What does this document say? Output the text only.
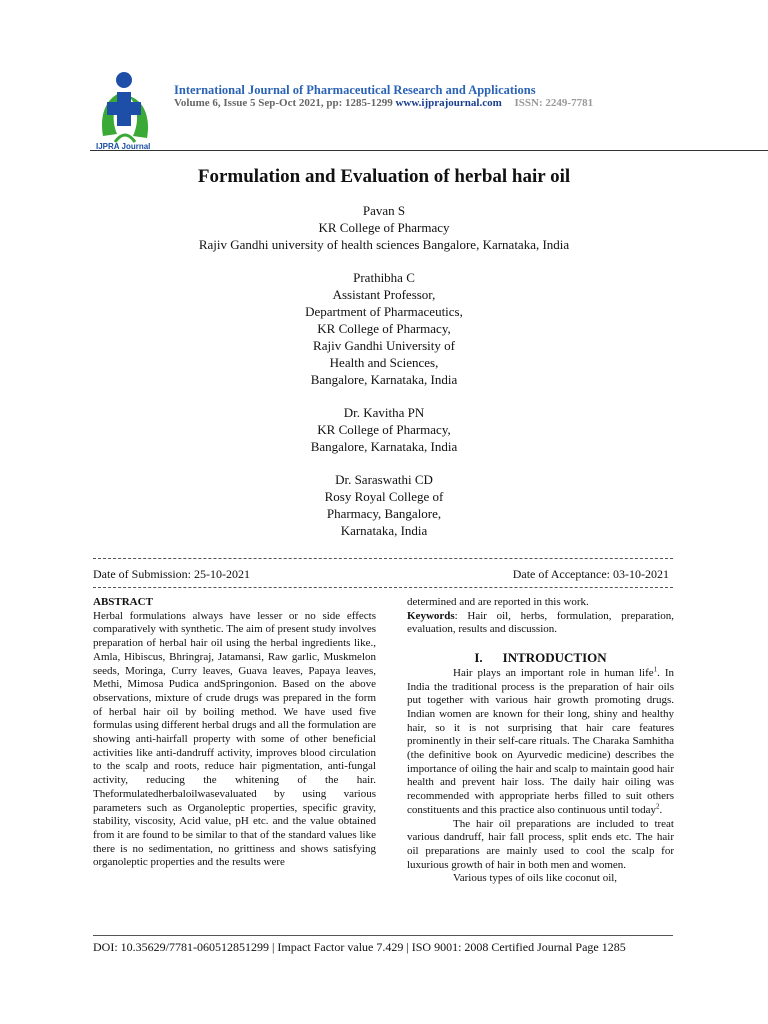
IJPRA Journal
International Journal of Pharmaceutical Research and Applications
Volume 6, Issue 5 Sep-Oct 2021, pp: 1285-1299 www.ijprajournal.com ISSN: 2249-7781
Formulation and Evaluation of herbal hair oil
Pavan S
KR College of Pharmacy
Rajiv Gandhi university of health sciences Bangalore, Karnataka, India
Prathibha C
Assistant Professor,
Department of Pharmaceutics,
KR College of Pharmacy,
Rajiv Gandhi University of
Health and Sciences,
Bangalore, Karnataka, India
Dr. Kavitha PN
KR College of Pharmacy,
Bangalore, Karnataka, India
Dr. Saraswathi CD
Rosy Royal College of
Pharmacy, Bangalore,
Karnataka, India
Date of Submission: 25-10-2021	Date of Acceptance: 03-10-2021

ABSTRACT

Herbal formulations always have lesser or no side effects comparatively with synthetic. The aim of present study involves preparation of herbal hair oil using the herbal ingredients like., Amla, Hibiscus, Bhringraj, Jatamansi, Raw garlic, Muskmelon seeds, Moringa, Curry leaves, Guava leaves, Papaya leaves, Methi, Mimosa Pudica andSpringonion. Based on the above observations, mixture of crude drugs was prepared in the form of herbal hair oil by boiling method. We have used five formulas using different herbal drugs and all the formulation are showing anti-hairfall property with some of other beneficial activities like anti-dandruff activity, improves blood circulation to the scalp and roots, reduce hair pigmentation, anti-fungal activity, reducing the whitening of the hair. Theformulatedherbaloilwasevaluated by using various parameters such as Organoleptic properties, specific gravity, stability, viscosity, Acid value, pH etc. and the value obtained from it are found to be similar to that of the standard values like there is no sedimentation, no grittiness and shows satisfying organoleptic properties and the results were

determined and are reported in this work.

Keywords: Hair oil, herbs, formulation, preparation, evaluation, results and discussion.

I. INTRODUCTION

Hair plays an important role in human life$^1$. In India the traditional process is the preparation of hair oils put together with various hair growth promoting drugs. Indian women are known for their long, shiny and healthy hair, so it is not surprising that hair care features prominently in their self-care rituals. The Charaka Samhitha (the definitive book on Ayurvedic medicine) describes the importance of oiling the hair and scalp to maintain good hair health and prevent hair loss. The daily hair oiling was recommended with appropriate herbs filled to suit others constituents and this practice also continuous until today$^2$.

The hair oil preparations are included to treat various dandruff, hair fall process, split ends etc. The hair oil preparations are mainly used to cool the scalp for luxurious growth of hair in both men and women.

Various types of oils like coconut oil,

DOI: 10.35629/7781-060512851299 | Impact Factor value 7.429 | ISO 9001: 2008 Certified Journal Page 1285
